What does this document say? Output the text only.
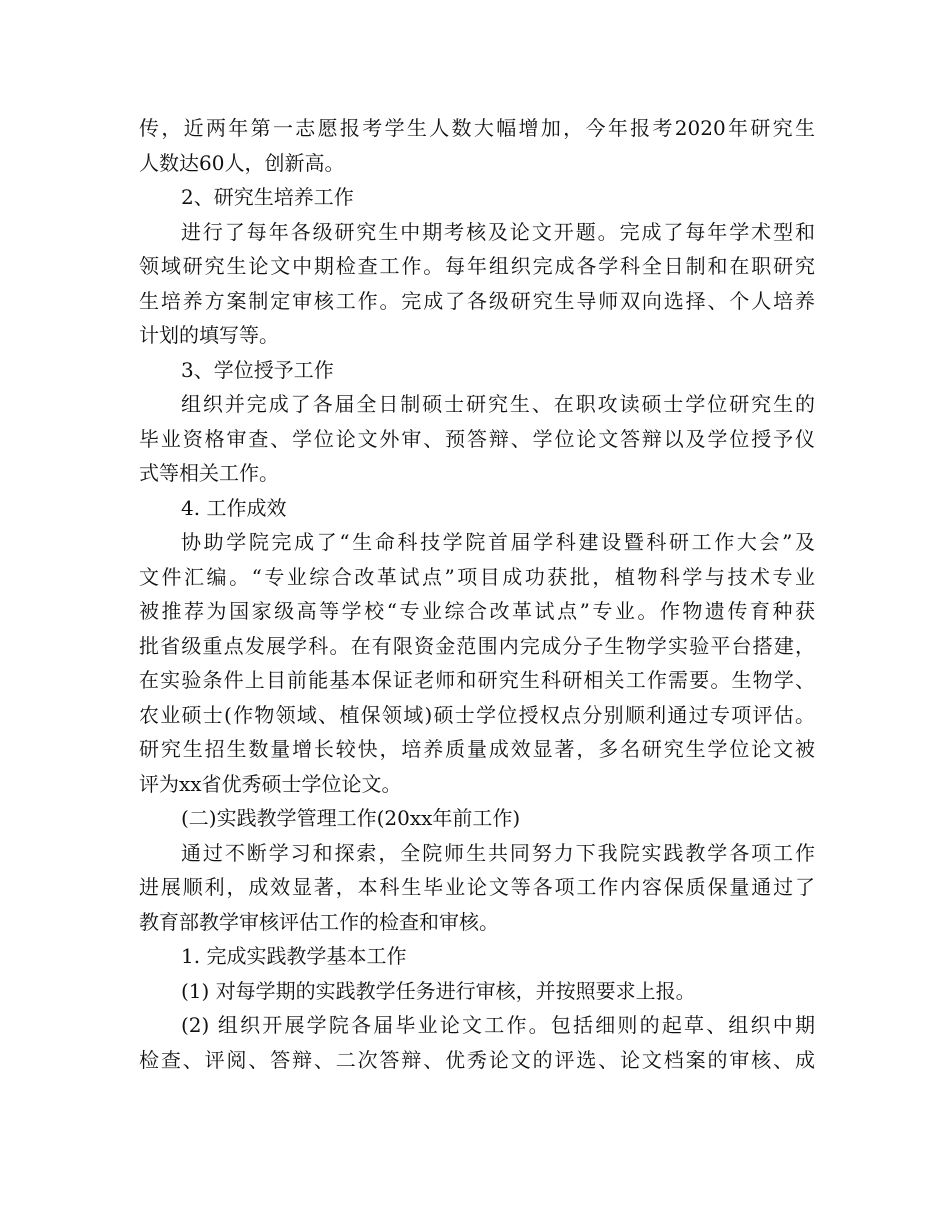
传，近两年第一志愿报考学生人数大幅增加，今年报考2020年研究生
人数达60人，创新高。

2、研究生培养工作

进行了每年各级研究生中期考核及论文开题。完成了每年学术型和
领域研究生论文中期检查工作。每年组织完成各学科全日制和在职研究
生培养方案制定审核工作。完成了各级研究生导师双向选择、个人培养
计划的填写等。

3、学位授予工作

组织并完成了各届全日制硕士研究生、在职攻读硕士学位研究生的
毕业资格审查、学位论文外审、预答辩、学位论文答辩以及学位授予仪
式等相关工作。

4. 工作成效

协助学院完成了“生命科技学院首届学科建设暨科研工作大会”及
文件汇编。“专业综合改革试点”项目成功获批，植物科学与技术专业
被推荐为国家级高等学校“专业综合改革试点”专业。作物遗传育种获
批省级重点发展学科。在有限资金范围内完成分子生物学实验平台搭建，
在实验条件上目前能基本保证老师和研究生科研相关工作需要。生物学、
农业硕士(作物领域、植保领域)硕士学位授权点分别顺利通过专项评估。
研究生招生数量增长较快，培养质量成效显著，多名研究生学位论文被
评为xx省优秀硕士学位论文。

(二)实践教学管理工作(20xx年前工作)

通过不断学习和探索，全院师生共同努力下我院实践教学各项工作
进展顺利，成效显著，本科生毕业论文等各项工作内容保质保量通过了
教育部教学审核评估工作的检查和审核。

1. 完成实践教学基本工作

(1) 对每学期的实践教学任务进行审核，并按照要求上报。

(2) 组织开展学院各届毕业论文工作。包括细则的起草、组织中期
检查、评阅、答辩、二次答辩、优秀论文的评选、论文档案的审核、成
